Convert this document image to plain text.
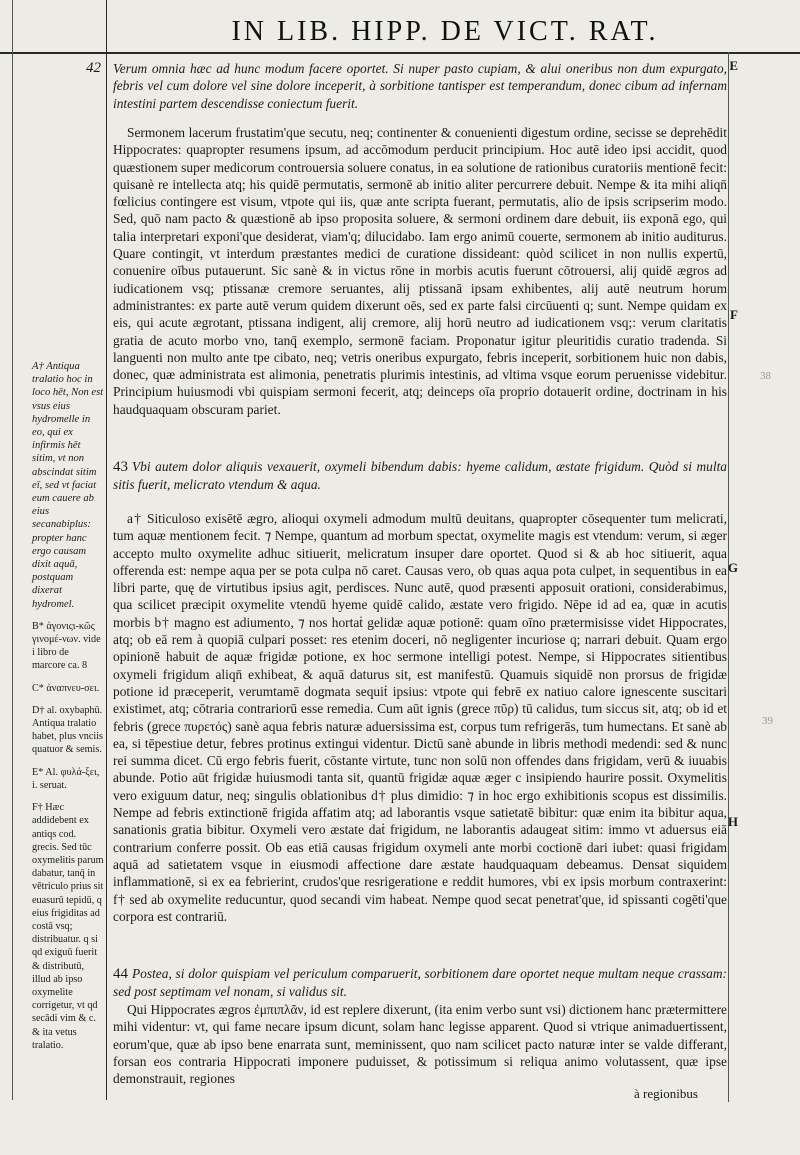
IN LIB. HIPP. DE VICT. RAT.
42
38
39
E
F
G
H

Verum omnia hæc ad hunc modum facere oportet. Si nuper pasto cupiam, & alui oneribus non dum expurgato, febris vel cum dolore vel sine dolore inceperit, à sorbitione tantisper est temperandum, donec cibum ad infernam intestini partem descendisse coniectum fuerit.

Sermonem lacerum frustatim'que secutu, neq; continenter & conuenienti digestum ordine, secisse se deprehēdit Hippocrates: quapropter resumens ipsum, ad accōmodum perducit principium. Hoc autē ideo ipsi accidit, quod quæstionem super medicorum controuersia soluere conatus, in ea solutione de rationibus curatoriis mentionē fecit: quisanè re intellecta atq; his quidē permutatis, sermonē ab initio aliter percurrere debuit. Nempe & ita mihi aliqn̄ fœlicius contingere est visum, vtpote qui iis, quæ ante scripta fuerant, permutatis, alio de ipsis scripserim modo. Sed, quō nam pacto & quæstionē ab ipso proposita soluere, & sermoni ordinem dare debuit, iis exponā ego, qui talia interpretari exponi'que desiderat, viam'q; dilucidabo. Iam ergo animū couerte, sermonem ab initio auditurus. Quare contingit, vt interdum præstantes medici de curatione dissideant: quòd scilicet in non nullis expertū, conuenire oībus putauerunt. Sic sanè & in victus rōne in morbis acutis fuerunt cōtrouersi, alij quidē ægros ad iudicationem vsq; ptissanæ cremore seruantes, alij ptissanā ipsam exhibentes, alij autē neutrum horum administrantes: ex parte autē verum quidem dixerunt oēs, sed ex parte falsi circūuenti q; sunt. Nempe quidam ex eis, qui acute ægrotant, ptissana indigent, alij cremore, alij horū neutro ad iudicationem vsq;: verum claritatis gratia de acuto morbo vno, tanq̄ exemplo, sermonē faciam. Proponatur igitur pleuritidis curatio tradenda. Si languenti non multo ante tpe cibato, neq; vetris oneribus expurgato, febris inceperit, sorbitionem huic non dabis, donec, quæ administrata est alimonia, penetratis plurimis intestinis, ad vltima vsque eorum peruenisse videbitur. Principium huiusmodi vbi quispiam sermoni fecerit, atq; deinceps oīa proprio dotauerit ordine, doctrinam in his haudquaquam obscuram pariet.

43 Vbi autem dolor aliquis vexauerit, oxymeli bibendum dabis: hyeme calidum, æstate frigidum. Quòd si multa sitis fuerit, melicrato vtendum & aqua.

a† Siticuloso exisētē ægro, alioqui oxymeli admodum multū deuitans, quapropter cōsequenter tum melicrati, tum aquæ mentionem fecit. ⁊ Nempe, quantum ad morbum spectat, oxymelite magis est vtendum: verum, si æger accepto multo oxymelite adhuc sitiuerit, melicratum insuper dare oportet. Quod si & ab hoc sitiuerit, aqua offerenda est: nempe aqua per se pota culpa nō caret. Causas vero, ob quas aqua pota culpet, in sequentibus in ea libri parte, quę de virtutibus ipsius agit, perdisces. Nunc autē, quod præsenti apposuit orationi, considerabimus, qua scilicet præcipit oxymelite vtendū hyeme quidē calido, æstate vero frigido. Nēpe id ad ea, quæ in acutis morbis b† magno est adiumento, ⁊ nos hortaṫ gelidæ aquæ potionē: quam oīno prætermisisse videt Hippocrates, atq; ob eā rem à quopiā culpari posset: res etenim doceri, nō negligenter incuriose q; narrari debuit. Quam ergo opinionē habuit de aquæ frigidæ potione, ex hoc sermone intelligi potest. Nempe, si Hippocrates sitientibus oxymeli frigidum aliqn̄ exhibeat, & aquā daturus sit, est manifestū. Quamuis siquidē non prorsus de frigidæ potione id præceperit, verumtamē dogmata sequiṫ ipsius: vtpote qui febrē ex natiuo calore ignescente suscitari existimet, atq; cōtraria contrariorū esse remedia. Cum aūt ignis (grece πῦρ) tū calidus, tum siccus sit, atq; ob id et febris (grece πυρετός) sanè aqua febris naturæ aduersissima est, corpus tum refrigerās, tum humectans. Et sanè ab ea, si tēpestiue detur, febres protinus extingui videntur. Dictū sanè abunde in libris methodi medendi: sed & nunc rei summa dicet. Cū ergo febris fuerit, cōstante virtute, tunc non solū non offendes dans frigidam, verū & iuuabis abunde. Potio aūt frigidæ huiusmodi tanta sit, quantū frigidæ aquæ æger c insipiendo haurire possit. Oxymelitis vero exiguum datur, neq; singulis oblationibus d† plus dimidio: ⁊ in hoc ergo exhibitionis scopus est dissimilis. Nempe ad febris extinctionē frigida affatim atq; ad laborantis vsque satietatē bibitur: quæ enim ita bibitur aqua, sanationis gratia bibitur. Oxymeli vero æstate daṫ frigidum, ne laborantis adaugeat sitim: immo vt aduersus eiā contrarium conferre possit. Ob eas etiā causas frigidum oxymeli ante morbi coctionē dari iubet: quasi frigidam aquā ad satietatem vsque in eiusmodi affectione dare æstate haudquaquam debeamus. Densat siquidem inflammationē, si ex ea febrierint, crudos'que resrigeratione e reddit humores, vbi ex ipsis morbum contraxerint: f† sed ab oxymelite reducuntur, quod secandi vim habeat. Nempe quod secat penetrat'que, id spissanti cogēti'que corpora est contrariū.

44 Postea, si dolor quispiam vel periculum comparuerit, sorbitionem dare oportet neque multam neque crassam: sed post septimam vel nonam, si validus sit.

Qui Hippocrates ægros ἐμπιπλᾶν, id est replere dixerunt, (ita enim verbo sunt vsi) dictionem hanc prætermittere mihi videntur: vt, qui fame necare ipsum dicunt, solam hanc legisse apparent. Quod si vtrique animaduertissent, eorum'que, quæ ab ipso bene enarrata sunt, meminissent, quo nam scilicet pacto naturæ inter se valde differant, forsan eos contraria Hippocrati imponere puduisset, & potissimum si reliqua animo volutassent, quæ ipse demonstrauit, regiones

à regionibus

A† Antiqua tralatio hoc in loco hēt, Non est vsus eius hydromelle in eo, qui ex infirmis hēt sitim, vt non abscindat sitim eī, sed vt faciat eum cauere ab eius secanabiplus: propter hanc ergo causam dixit aquā, postquam dixerat hydromel.

B* ἀγονιςι-κῶς γινομέ-νων. vide i libro de marcore ca. 8

C* ἀναπνευ-σει.

D† al. oxybaphū. Antiqua tralatio habet, plus vnciis quatuor & semis.

E* Al. φυλά-ξει, i. seruat.

F† Hæc addidebent ex antiqs cod. grecis. Sed tūc oxymelitis parum dabatur, tanq̄ in vētriculo prius sit euasurū tepidū, q eius frigiditas ad costā vsq; distribuatur. q si qd exiguū fuerit & distributū, illud ab ipso oxymelite corrigetur, vt qd secādi vim & c. & ita vetus tralatio.
